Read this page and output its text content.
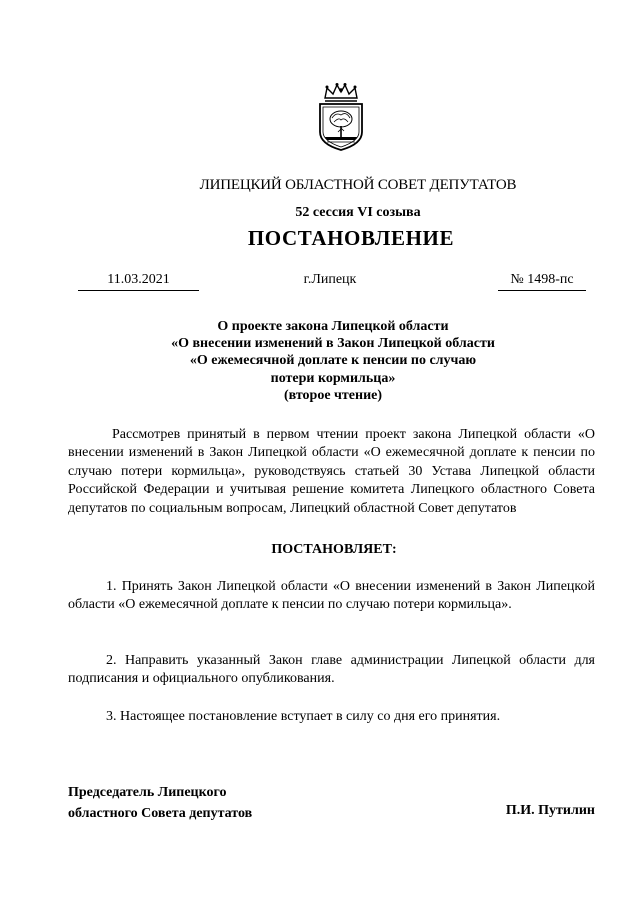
ЛИПЕЦКИЙ ОБЛАСТНОЙ СОВЕТ ДЕПУТАТОВ
52 сессия VI созыва
ПОСТАНОВЛЕНИЕ
11.03.2021	г.Липецк	№ 1498-пс
О проекте закона Липецкой области
«О внесении изменений в Закон Липецкой области
«О ежемесячной доплате к пенсии по случаю
потери кормильца»
(второе чтение)

Рассмотрев принятый в первом чтении проект закона Липецкой области «О внесении изменений в Закон Липецкой области «О ежемесячной доплате к пенсии по случаю потери кормильца», руководствуясь статьей 30 Устава Липецкой области Российской Федерации и учитывая решение комитета Липецкого областного Совета депутатов по социальным вопросам, Липецкий областной Совет депутатов

ПОСТАНОВЛЯЕТ:

1. Принять Закон Липецкой области «О внесении изменений в Закон Липецкой области «О ежемесячной доплате к пенсии по случаю потери кормильца».

2. Направить указанный Закон главе администрации Липецкой области для подписания и официального опубликования.

3. Настоящее постановление вступает в силу со дня его принятия.

Председатель Липецкого
областного Совета депутатов	П.И. Путилин
